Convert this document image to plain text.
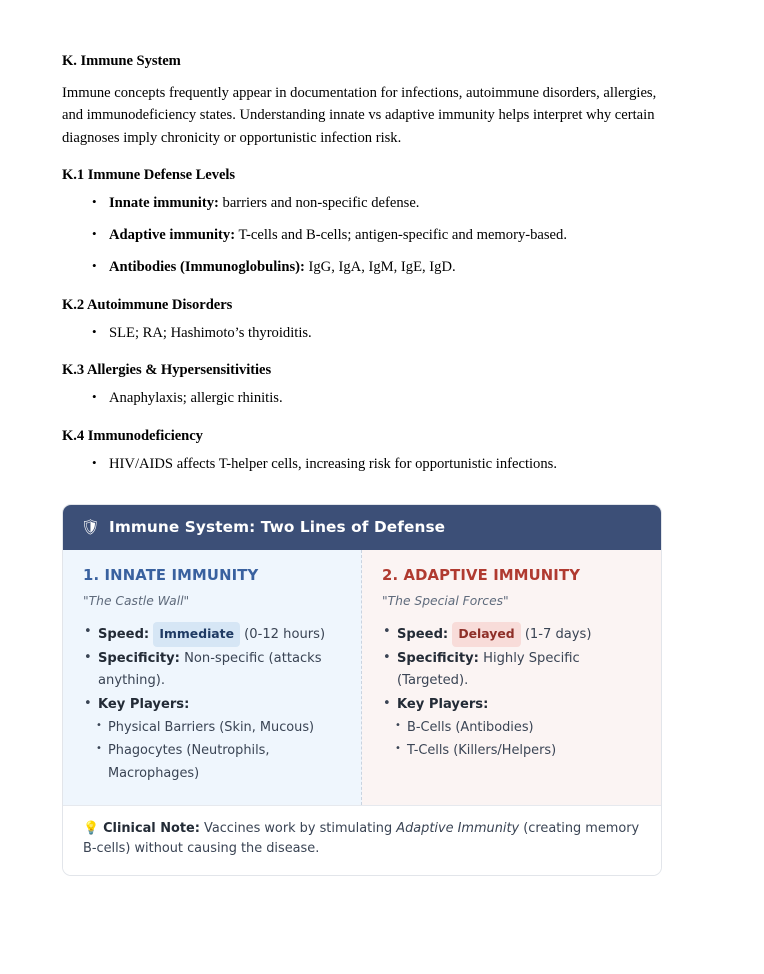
K. Immune System

Immune concepts frequently appear in documentation for infections, autoimmune disorders, allergies, and immunodeficiency states. Understanding innate vs adaptive immunity helps interpret why certain diagnoses imply chronicity or opportunistic infection risk.

K.1 Immune Defense Levels
• Innate immunity: barriers and non-specific defense.
• Adaptive immunity: T-cells and B-cells; antigen-specific and memory-based.
• Antibodies (Immunoglobulins): IgG, IgA, IgM, IgE, IgD.
K.2 Autoimmune Disorders
• SLE; RA; Hashimoto’s thyroiditis.
K.3 Allergies & Hypersensitivities
• Anaphylaxis; allergic rhinitis.
K.4 Immunodeficiency
• HIV/AIDS affects T-helper cells, increasing risk for opportunistic infections.
🛡 Immune System: Two Lines of Defense
1. INNATE IMMUNITY
"The Castle Wall"
• Speed: Immediate (0-12 hours)
• Specificity: Non-specific (attacks anything).
• Key Players:
• Physical Barriers (Skin, Mucous)
• Phagocytes (Neutrophils, Macrophages)
2. ADAPTIVE IMMUNITY
"The Special Forces"
• Speed: Delayed (1-7 days)
• Specificity: Highly Specific (Targeted).
• Key Players:
• B-Cells (Antibodies)
• T-Cells (Killers/Helpers)
💡 Clinical Note: Vaccines work by stimulating Adaptive Immunity (creating memory B-cells) without causing the disease.
